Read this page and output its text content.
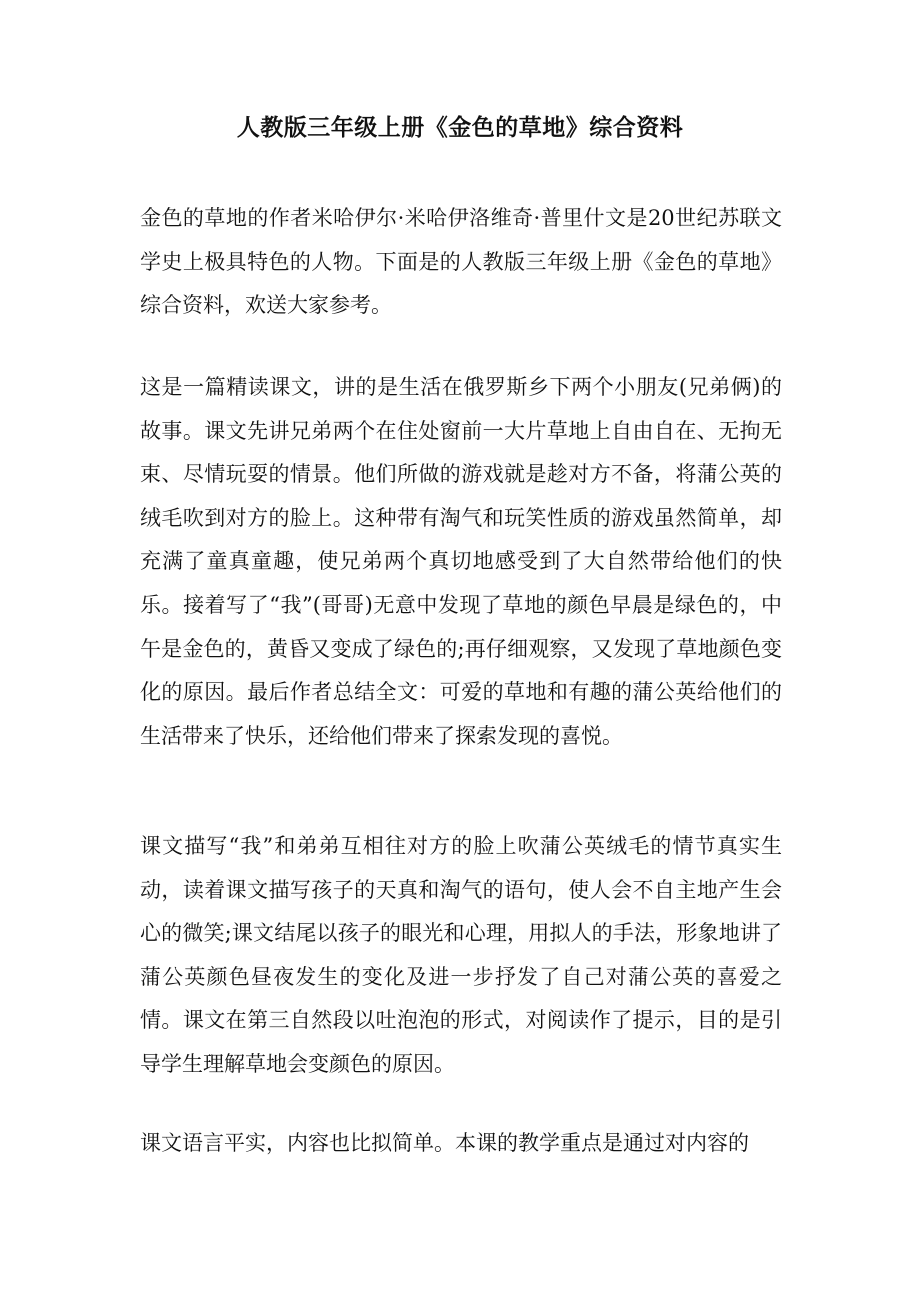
人教版三年级上册《金色的草地》综合资料

金色的草地的作者米哈伊尔·米哈伊洛维奇·普里什文是20世纪苏联文学史上极具特色的人物。下面是的人教版三年级上册《金色的草地》综合资料，欢送大家参考。

这是一篇精读课文，讲的是生活在俄罗斯乡下两个小朋友(兄弟俩)的故事。课文先讲兄弟两个在住处窗前一大片草地上自由自在、无拘无束、尽情玩耍的情景。他们所做的游戏就是趁对方不备，将蒲公英的绒毛吹到对方的脸上。这种带有淘气和玩笑性质的游戏虽然简单，却充满了童真童趣，使兄弟两个真切地感受到了大自然带给他们的快乐。接着写了“我”(哥哥)无意中发现了草地的颜色早晨是绿色的，中午是金色的，黄昏又变成了绿色的;再仔细观察，又发现了草地颜色变化的原因。最后作者总结全文：可爱的草地和有趣的蒲公英给他们的生活带来了快乐，还给他们带来了探索发现的喜悦。

课文描写“我”和弟弟互相往对方的脸上吹蒲公英绒毛的情节真实生动，读着课文描写孩子的天真和淘气的语句，使人会不自主地产生会心的微笑;课文结尾以孩子的眼光和心理，用拟人的手法，形象地讲了蒲公英颜色昼夜发生的变化及进一步抒发了自己对蒲公英的喜爱之情。课文在第三自然段以吐泡泡的形式，对阅读作了提示，目的是引导学生理解草地会变颜色的原因。

课文语言平实，内容也比拟简单。本课的教学重点是通过对内容的
